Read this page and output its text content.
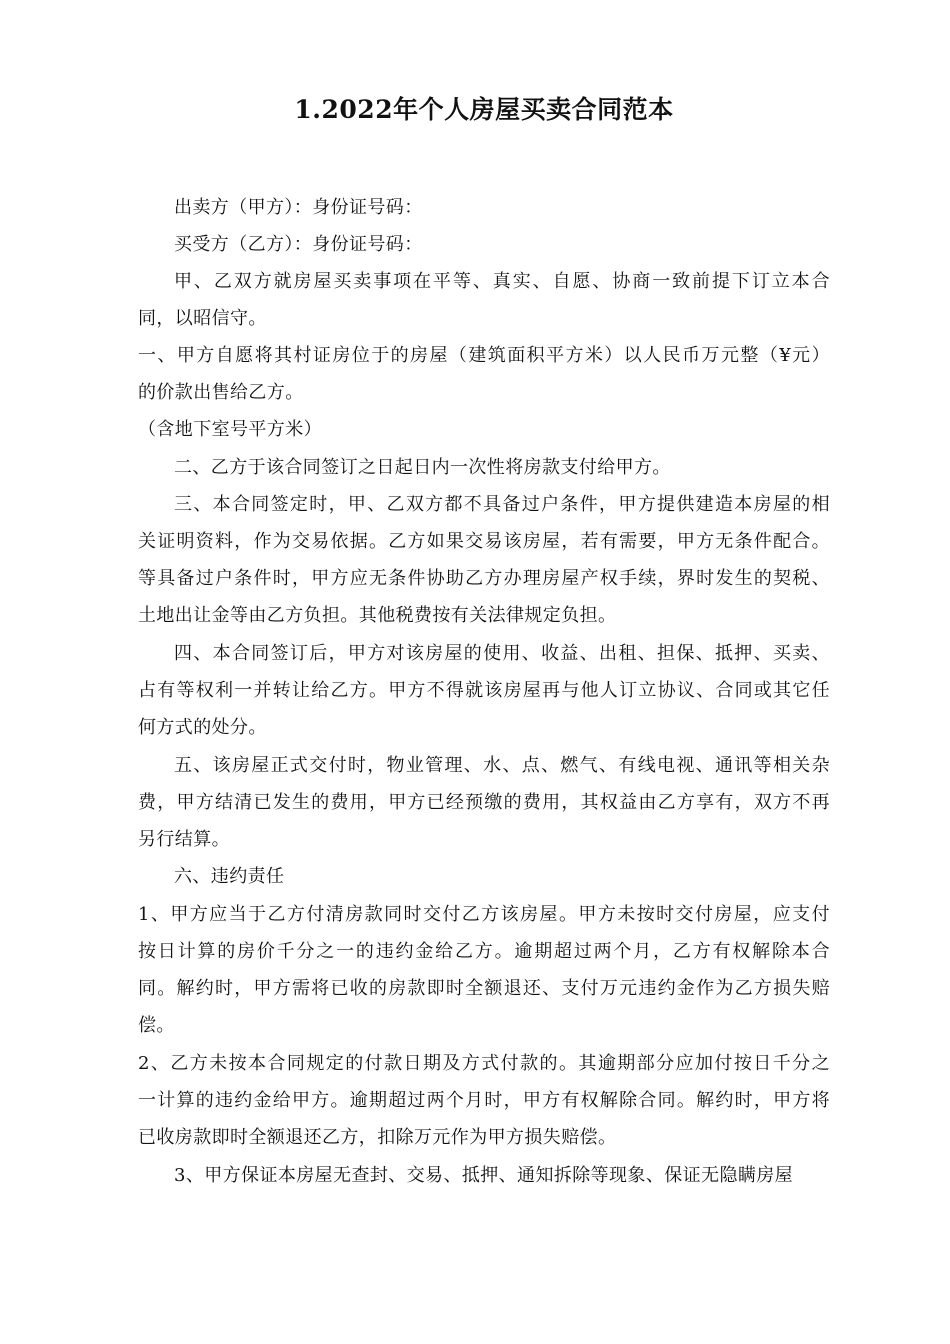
1.2022年个人房屋买卖合同范本
出卖方（甲方）：身份证号码：
买受方（乙方）：身份证号码：
甲、乙双方就房屋买卖事项在平等、真实、自愿、协商一致前提下订立本合
同，以昭信守。
一、甲方自愿将其村证房位于的房屋（建筑面积平方米）以人民币万元整（¥元）
的价款出售给乙方。
（含地下室号平方米）
二、乙方于该合同签订之日起日内一次性将房款支付给甲方。
三、本合同签定时，甲、乙双方都不具备过户条件，甲方提供建造本房屋的相
关证明资料，作为交易依据。乙方如果交易该房屋，若有需要，甲方无条件配合。
等具备过户条件时，甲方应无条件协助乙方办理房屋产权手续，界时发生的契税、
土地出让金等由乙方负担。其他税费按有关法律规定负担。
四、本合同签订后，甲方对该房屋的使用、收益、出租、担保、抵押、买卖、
占有等权利一并转让给乙方。甲方不得就该房屋再与他人订立协议、合同或其它任
何方式的处分。
五、该房屋正式交付时，物业管理、水、点、燃气、有线电视、通讯等相关杂
费，甲方结清已发生的费用，甲方已经预缴的费用，其权益由乙方享有，双方不再
另行结算。
六、违约责任
1、甲方应当于乙方付清房款同时交付乙方该房屋。甲方未按时交付房屋，应支付
按日计算的房价千分之一的违约金给乙方。逾期超过两个月，乙方有权解除本合
同。解约时，甲方需将已收的房款即时全额退还、支付万元违约金作为乙方损失赔
偿。
2、乙方未按本合同规定的付款日期及方式付款的。其逾期部分应加付按日千分之
一计算的违约金给甲方。逾期超过两个月时，甲方有权解除合同。解约时，甲方将
已收房款即时全额退还乙方，扣除万元作为甲方损失赔偿。
3、甲方保证本房屋无查封、交易、抵押、通知拆除等现象、保证无隐瞒房屋
